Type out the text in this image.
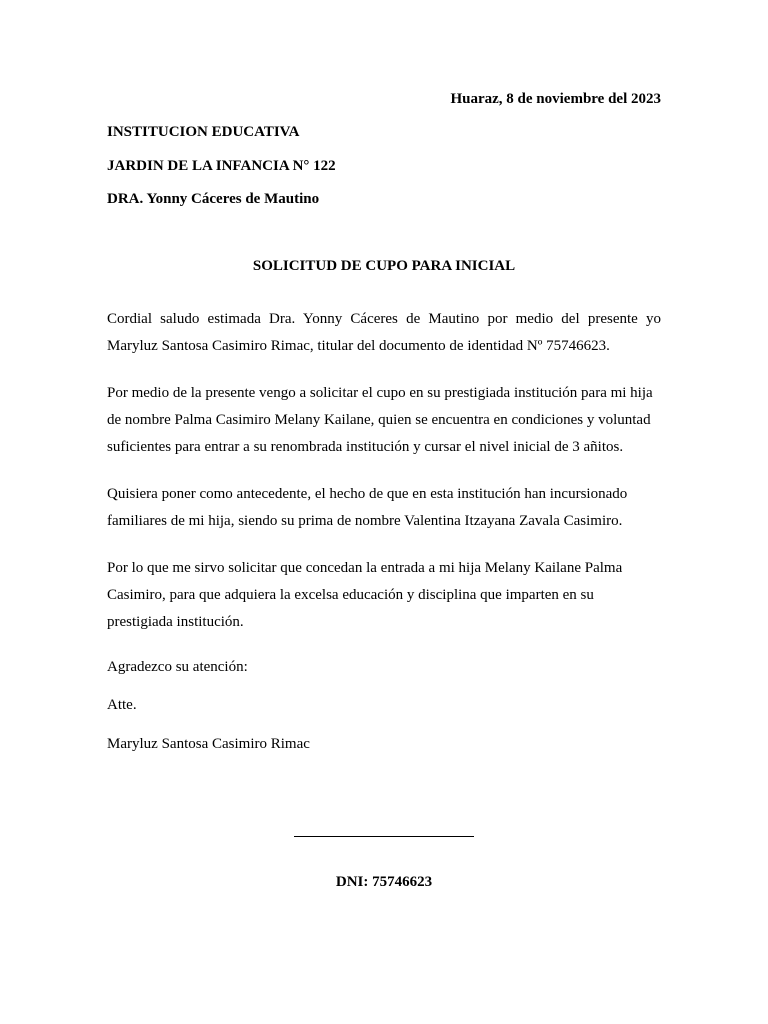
Huaraz, 8 de noviembre del 2023
INSTITUCION EDUCATIVA
JARDIN DE LA INFANCIA N° 122
DRA. Yonny Cáceres de Mautino
SOLICITUD DE CUPO PARA INICIAL
Cordial saludo estimada Dra. Yonny Cáceres de Mautino por medio del presente yo
Maryluz Santosa Casimiro Rimac, titular del documento de identidad Nº 75746623.
Por medio de la presente vengo a solicitar el cupo en su prestigiada institución para mi hija
de nombre Palma Casimiro Melany Kailane, quien se encuentra en condiciones y voluntad
suficientes para entrar a su renombrada institución y cursar el nivel inicial de 3 añitos.
Quisiera poner como antecedente, el hecho de que en esta institución han incursionado
familiares de mi hija, siendo su prima de nombre Valentina Itzayana Zavala Casimiro.
Por lo que me sirvo solicitar que concedan la entrada a mi hija Melany Kailane Palma
Casimiro, para que adquiera la excelsa educación y disciplina que imparten en su
prestigiada institución.
Agradezco su atención:
Atte.
Maryluz Santosa Casimiro Rimac
DNI: 75746623
